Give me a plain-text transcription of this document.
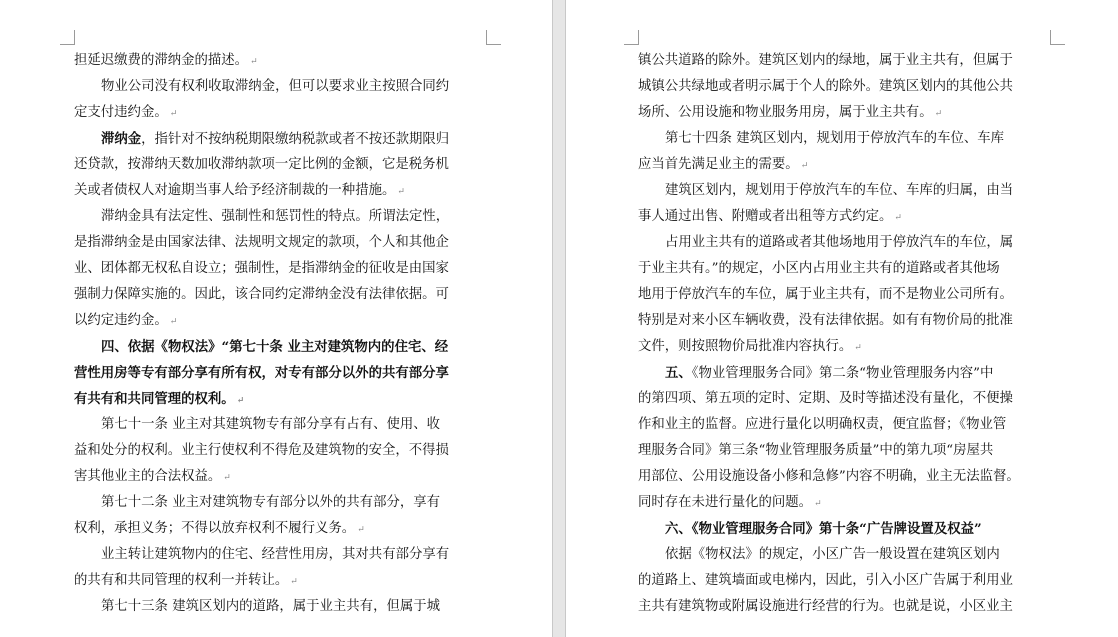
担延迟缴费的滞纳金的描述。 ↵
物业公司没有权利收取滞纳金，但可以要求业主按照合同约
定支付违约金。 ↵
滞纳金，指针对不按纳税期限缴纳税款或者不按还款期限归
还贷款，按滞纳天数加收滞纳款项一定比例的金额，它是税务机
关或者债权人对逾期当事人给予经济制裁的一种措施。 ↵
滞纳金具有法定性、强制性和惩罚性的特点。所谓法定性，
是指滞纳金是由国家法律、法规明文规定的款项，个人和其他企
业、团体都无权私自设立；强制性，是指滞纳金的征收是由国家
强制力保障实施的。因此，该合同约定滞纳金没有法律依据。可
以约定违约金。 ↵
四、依据《物权法》“第七十条 业主对建筑物内的住宅、经
营性用房等专有部分享有所有权，对专有部分以外的共有部分享
有共有和共同管理的权利。 ↵
第七十一条 业主对其建筑物专有部分享有占有、使用、收
益和处分的权利。业主行使权利不得危及建筑物的安全，不得损
害其他业主的合法权益。 ↵
第七十二条 业主对建筑物专有部分以外的共有部分，享有
权利，承担义务；不得以放弃权利不履行义务。 ↵
业主转让建筑物内的住宅、经营性用房，其对共有部分享有
的共有和共同管理的权利一并转让。 ↵
第七十三条 建筑区划内的道路，属于业主共有，但属于城
镇公共道路的除外。建筑区划内的绿地，属于业主共有，但属于
城镇公共绿地或者明示属于个人的除外。建筑区划内的其他公共
场所、公用设施和物业服务用房，属于业主共有。 ↵
第七十四条 建筑区划内，规划用于停放汽车的车位、车库
应当首先满足业主的需要。 ↵
建筑区划内，规划用于停放汽车的车位、车库的归属，由当
事人通过出售、附赠或者出租等方式约定。 ↵
占用业主共有的道路或者其他场地用于停放汽车的车位，属
于业主共有。”的规定，小区内占用业主共有的道路或者其他场
地用于停放汽车的车位，属于业主共有，而不是物业公司所有。
特别是对来小区车辆收费，没有法律依据。如有有物价局的批准
文件，则按照物价局批准内容执行。 ↵
五、《物业管理服务合同》第二条“物业管理服务内容”中
的第四项、第五项的定时、定期、及时等描述没有量化，不便操
作和业主的监督。应进行量化以明确权责，便宜监督；《物业管
理服务合同》第三条“物业管理服务质量”中的第九项“房屋共
用部位、公用设施设备小修和急修”内容不明确，业主无法监督。
同时存在未进行量化的问题。 ↵
六、《物业管理服务合同》第十条“广告牌设置及权益”
依据《物权法》的规定，小区广告一般设置在建筑区划内
的道路上、建筑墙面或电梯内，因此，引入小区广告属于利用业
主共有建筑物或附属设施进行经营的行为。也就是说，小区业主
